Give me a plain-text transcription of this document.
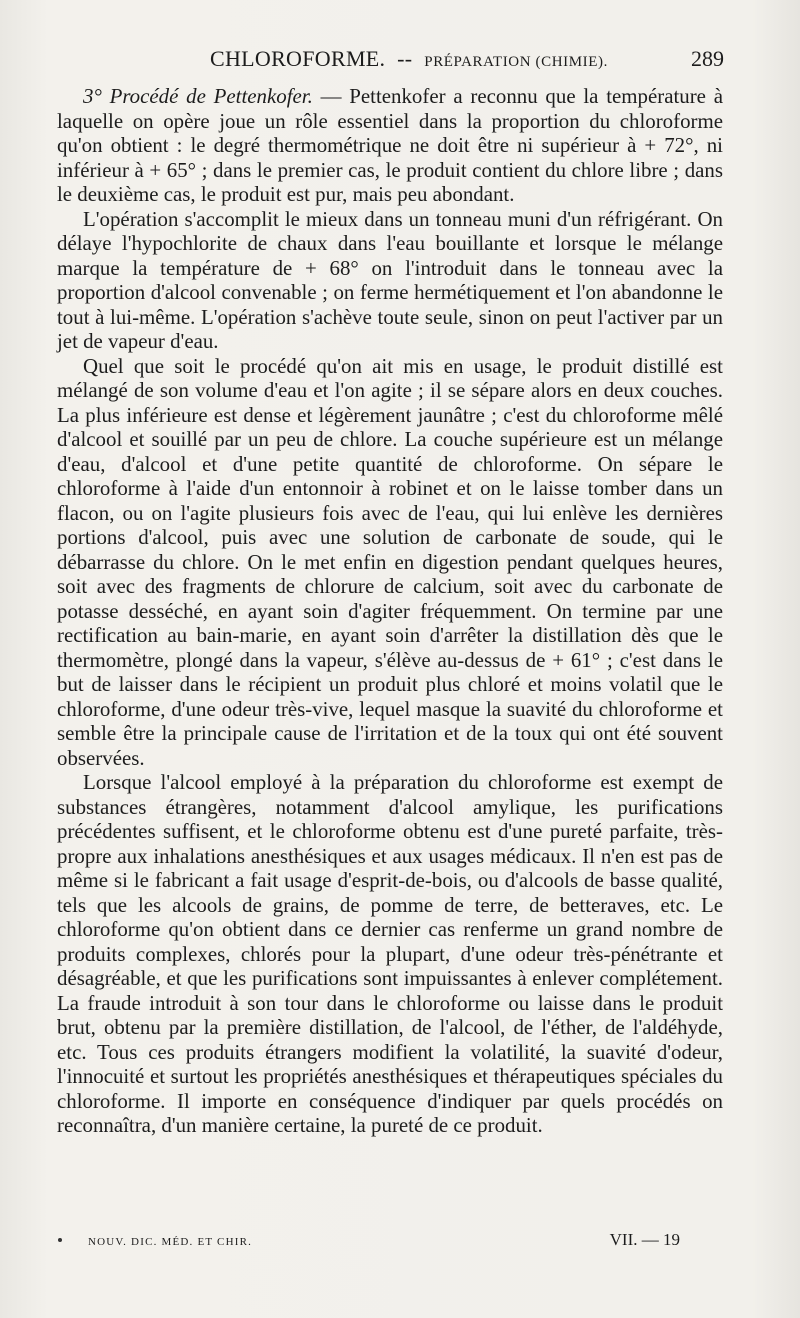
CHLOROFORME. -- PRÉPARATION (CHIMIE).	289

3° Procédé de Pettenkofer. — Pettenkofer a reconnu que la température à laquelle on opère joue un rôle essentiel dans la proportion du chloroforme qu'on obtient : le degré thermométrique ne doit être ni supérieur à + 72°, ni inférieur à + 65° ; dans le premier cas, le produit contient du chlore libre ; dans le deuxième cas, le produit est pur, mais peu abondant.

L'opération s'accomplit le mieux dans un tonneau muni d'un réfrigérant. On délaye l'hypochlorite de chaux dans l'eau bouillante et lorsque le mélange marque la température de + 68° on l'introduit dans le tonneau avec la proportion d'alcool convenable ; on ferme hermétiquement et l'on abandonne le tout à lui-même. L'opération s'achève toute seule, sinon on peut l'activer par un jet de vapeur d'eau.

Quel que soit le procédé qu'on ait mis en usage, le produit distillé est mélangé de son volume d'eau et l'on agite ; il se sépare alors en deux couches. La plus inférieure est dense et légèrement jaunâtre ; c'est du chloroforme mêlé d'alcool et souillé par un peu de chlore. La couche supérieure est un mélange d'eau, d'alcool et d'une petite quantité de chloroforme. On sépare le chloroforme à l'aide d'un entonnoir à robinet et on le laisse tomber dans un flacon, ou on l'agite plusieurs fois avec de l'eau, qui lui enlève les dernières portions d'alcool, puis avec une solution de carbonate de soude, qui le débarrasse du chlore. On le met enfin en digestion pendant quelques heures, soit avec des fragments de chlorure de calcium, soit avec du carbonate de potasse desséché, en ayant soin d'agiter fréquemment. On termine par une rectification au bain-marie, en ayant soin d'arrêter la distillation dès que le thermomètre, plongé dans la vapeur, s'élève au-dessus de + 61° ; c'est dans le but de laisser dans le récipient un produit plus chloré et moins volatil que le chloroforme, d'une odeur très-vive, lequel masque la suavité du chloroforme et semble être la principale cause de l'irritation et de la toux qui ont été souvent observées.

Lorsque l'alcool employé à la préparation du chloroforme est exempt de substances étrangères, notamment d'alcool amylique, les purifications précédentes suffisent, et le chloroforme obtenu est d'une pureté parfaite, très-propre aux inhalations anesthésiques et aux usages médicaux. Il n'en est pas de même si le fabricant a fait usage d'esprit-de-bois, ou d'alcools de basse qualité, tels que les alcools de grains, de pomme de terre, de betteraves, etc. Le chloroforme qu'on obtient dans ce dernier cas renferme un grand nombre de produits complexes, chlorés pour la plupart, d'une odeur très-pénétrante et désagréable, et que les purifications sont impuissantes à enlever complétement. La fraude introduit à son tour dans le chloroforme ou laisse dans le produit brut, obtenu par la première distillation, de l'alcool, de l'éther, de l'aldéhyde, etc. Tous ces produits étrangers modifient la volatilité, la suavité d'odeur, l'innocuité et surtout les propriétés anesthésiques et thérapeutiques spéciales du chloroforme. Il importe en conséquence d'indiquer par quels procédés on reconnaîtra, d'un manière certaine, la pureté de ce produit.

NOUV. DIC. MÉD. ET CHIR.	VII. — 19
